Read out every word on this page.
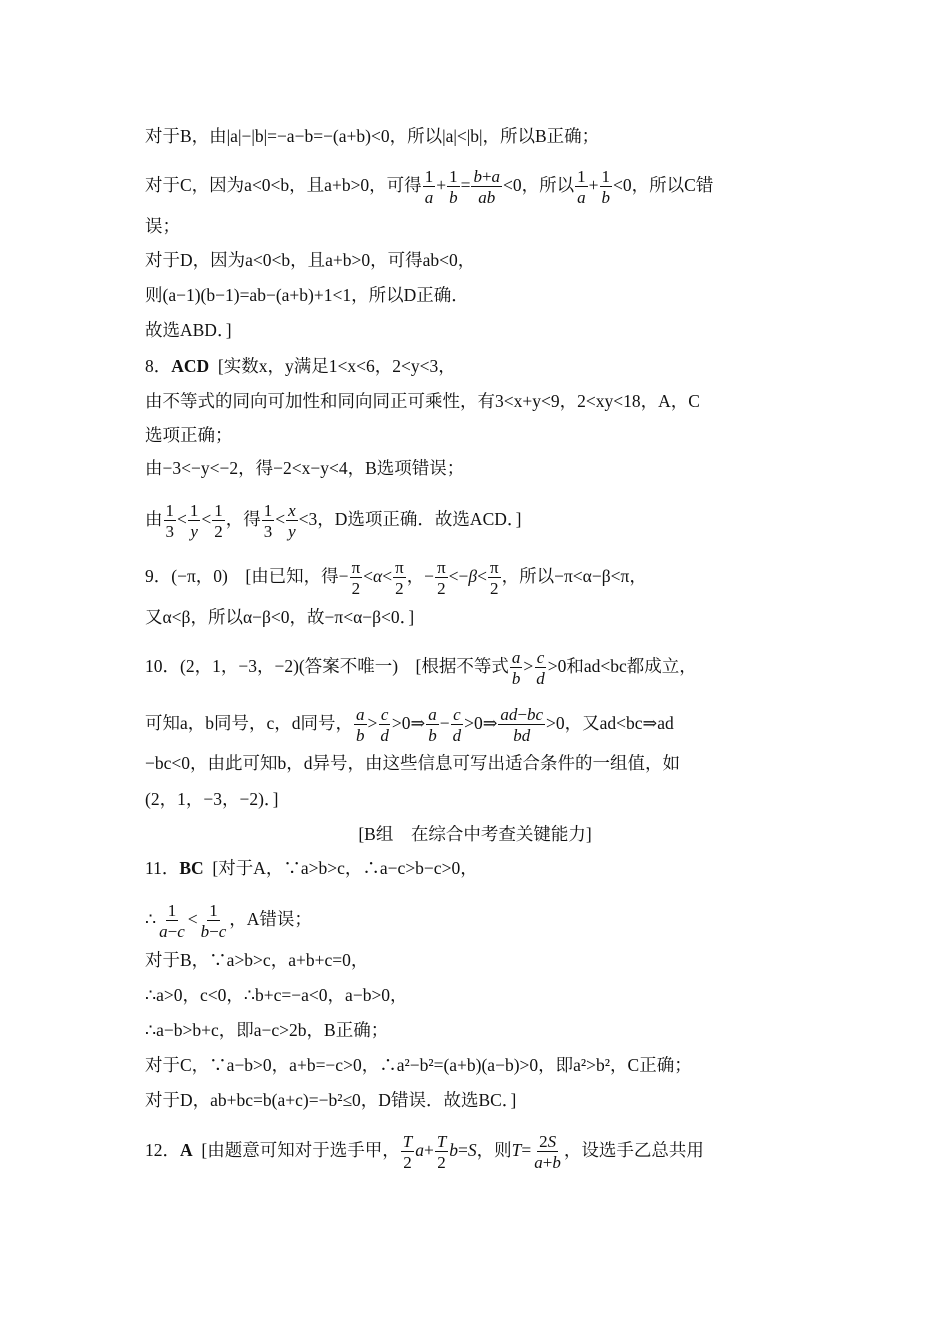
对于B，由|a|−|b|=−a−b=−(a+b)<0，所以|a|<|b|，所以B正确；
对于C，因为a<0<b，且a+b>0，可得 $\frac{1}{a} + \frac{1}{b} = \frac{b+a}{ab} <0$，所以 $\frac{1}{a} + \frac{1}{b} <0$，所以C错
误；
对于D，因为a<0<b，且a+b>0，可得ab<0，
则(a−1)(b−1)=ab−(a+b)+1<1，所以D正确．
故选ABD．]
8．ACD [实数x，y满足1<x<6，2<y<3，
由不等式的同向可加性和同向同正可乘性，有3<x+y<9，2<xy<18，A，C
选项正确；
由−3<−y<−2，得−2<x−y<4，B选项错误；
由 $\frac{1}{3} < \frac{1}{y} < \frac{1}{2}$ ，得 $\frac{1}{3} < \frac{x}{y} <3$，D选项正确．故选ACD．]
9．(−π，0)　[由已知，得− $\frac{\pi}{2} <\alpha< \frac{\pi}{2}$ ，− $\frac{\pi}{2} <-\beta< \frac{\pi}{2}$ ，所以−π<α−β<π，
又α<β，所以α−β<0，故−π<α−β<0．]
10．(2，1，−3，−2)(答案不唯一)　[根据不等式 $\frac{a}{b} > \frac{c}{d} >0$和ad<bc都成立，
可知a，b同号，c，d同号， $\frac{a}{b} > \frac{c}{d}$ >0⇒ $\frac{a}{b} - \frac{c}{d}$ >0⇒ $\frac{ad-bc}{bd} >0$，又ad<bc⇒ad
−bc<0，由此可知b，d异号，由这些信息可写出适合条件的一组值，如
(2，1，−3，−2)．]
[B组　在综合中考查关键能力]
11．BC [对于A，∵a>b>c，∴a−c>b−c>0，
∴ $\frac{1}{a-c} < \frac{1}{b-c}$ ，A错误；
对于B，∵a>b>c，a+b+c=0，
∴a>0，c<0，∴b+c=−a<0，a−b>0，
∴a−b>b+c，即a−c>2b，B正确；
对于C，∵a−b>0，a+b=−c>0，∴a²−b²=(a+b)(a−b)>0，即a²>b²，C正确；
对于D，ab+bc=b(a+c)=−b²≤0，D错误．故选BC．]
12．A [由题意可知对于选手甲， $\frac{T}{2} a+ \frac{T}{2} b=S$，则$T= \frac{2S}{a+b}$ ，设选手乙总共用
